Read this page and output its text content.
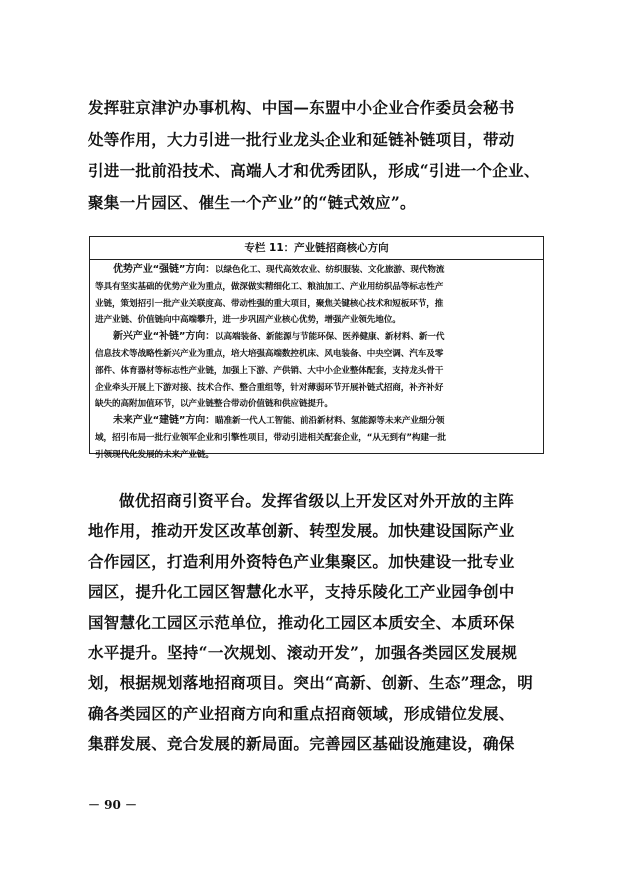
发挥驻京津沪办事机构、中国—东盟中小企业合作委员会秘书
处等作用，大力引进一批行业龙头企业和延链补链项目，带动
引进一批前沿技术、高端人才和优秀团队，形成“引进一个企业、
聚集一片园区、催生一个产业”的“链式效应”。
专栏 11：产业链招商核心方向
优势产业“强链”方向：以绿色化工、现代高效农业、纺织服装、文化旅游、现代物流
等具有坚实基础的优势产业为重点，做深做实精细化工、粮油加工、产业用纺织品等标志性产
业链，策划招引一批产业关联度高、带动性强的重大项目，聚焦关键核心技术和短板环节，推
进产业链、价值链向中高端攀升，进一步巩固产业核心优势，增强产业领先地位。
新兴产业“补链”方向：以高端装备、新能源与节能环保、医养健康、新材料、新一代
信息技术等战略性新兴产业为重点，培大培强高端数控机床、风电装备、中央空调、汽车及零
部件、体育器材等标志性产业链，加强上下游、产供销、大中小企业整体配套，支持龙头骨干
企业牵头开展上下游对接、技术合作、整合重组等，针对薄弱环节开展补链式招商，补齐补好
缺失的高附加值环节，以产业链整合带动价值链和供应链提升。
未来产业“建链”方向：瞄准新一代人工智能、前沿新材料、氢能源等未来产业细分领
域，招引布局一批行业领军企业和引擎性项目，带动引进相关配套企业，“从无到有”构建一批
引领现代化发展的未来产业链。
做优招商引资平台。发挥省级以上开发区对外开放的主阵
地作用，推动开发区改革创新、转型发展。加快建设国际产业
合作园区，打造利用外资特色产业集聚区。加快建设一批专业
园区，提升化工园区智慧化水平，支持乐陵化工产业园争创中
国智慧化工园区示范单位，推动化工园区本质安全、本质环保
水平提升。坚持“一次规划、滚动开发”，加强各类园区发展规
划，根据规划落地招商项目。突出“高新、创新、生态”理念，明
确各类园区的产业招商方向和重点招商领域，形成错位发展、
集群发展、竞合发展的新局面。完善园区基础设施建设，确保
－ 90 －
